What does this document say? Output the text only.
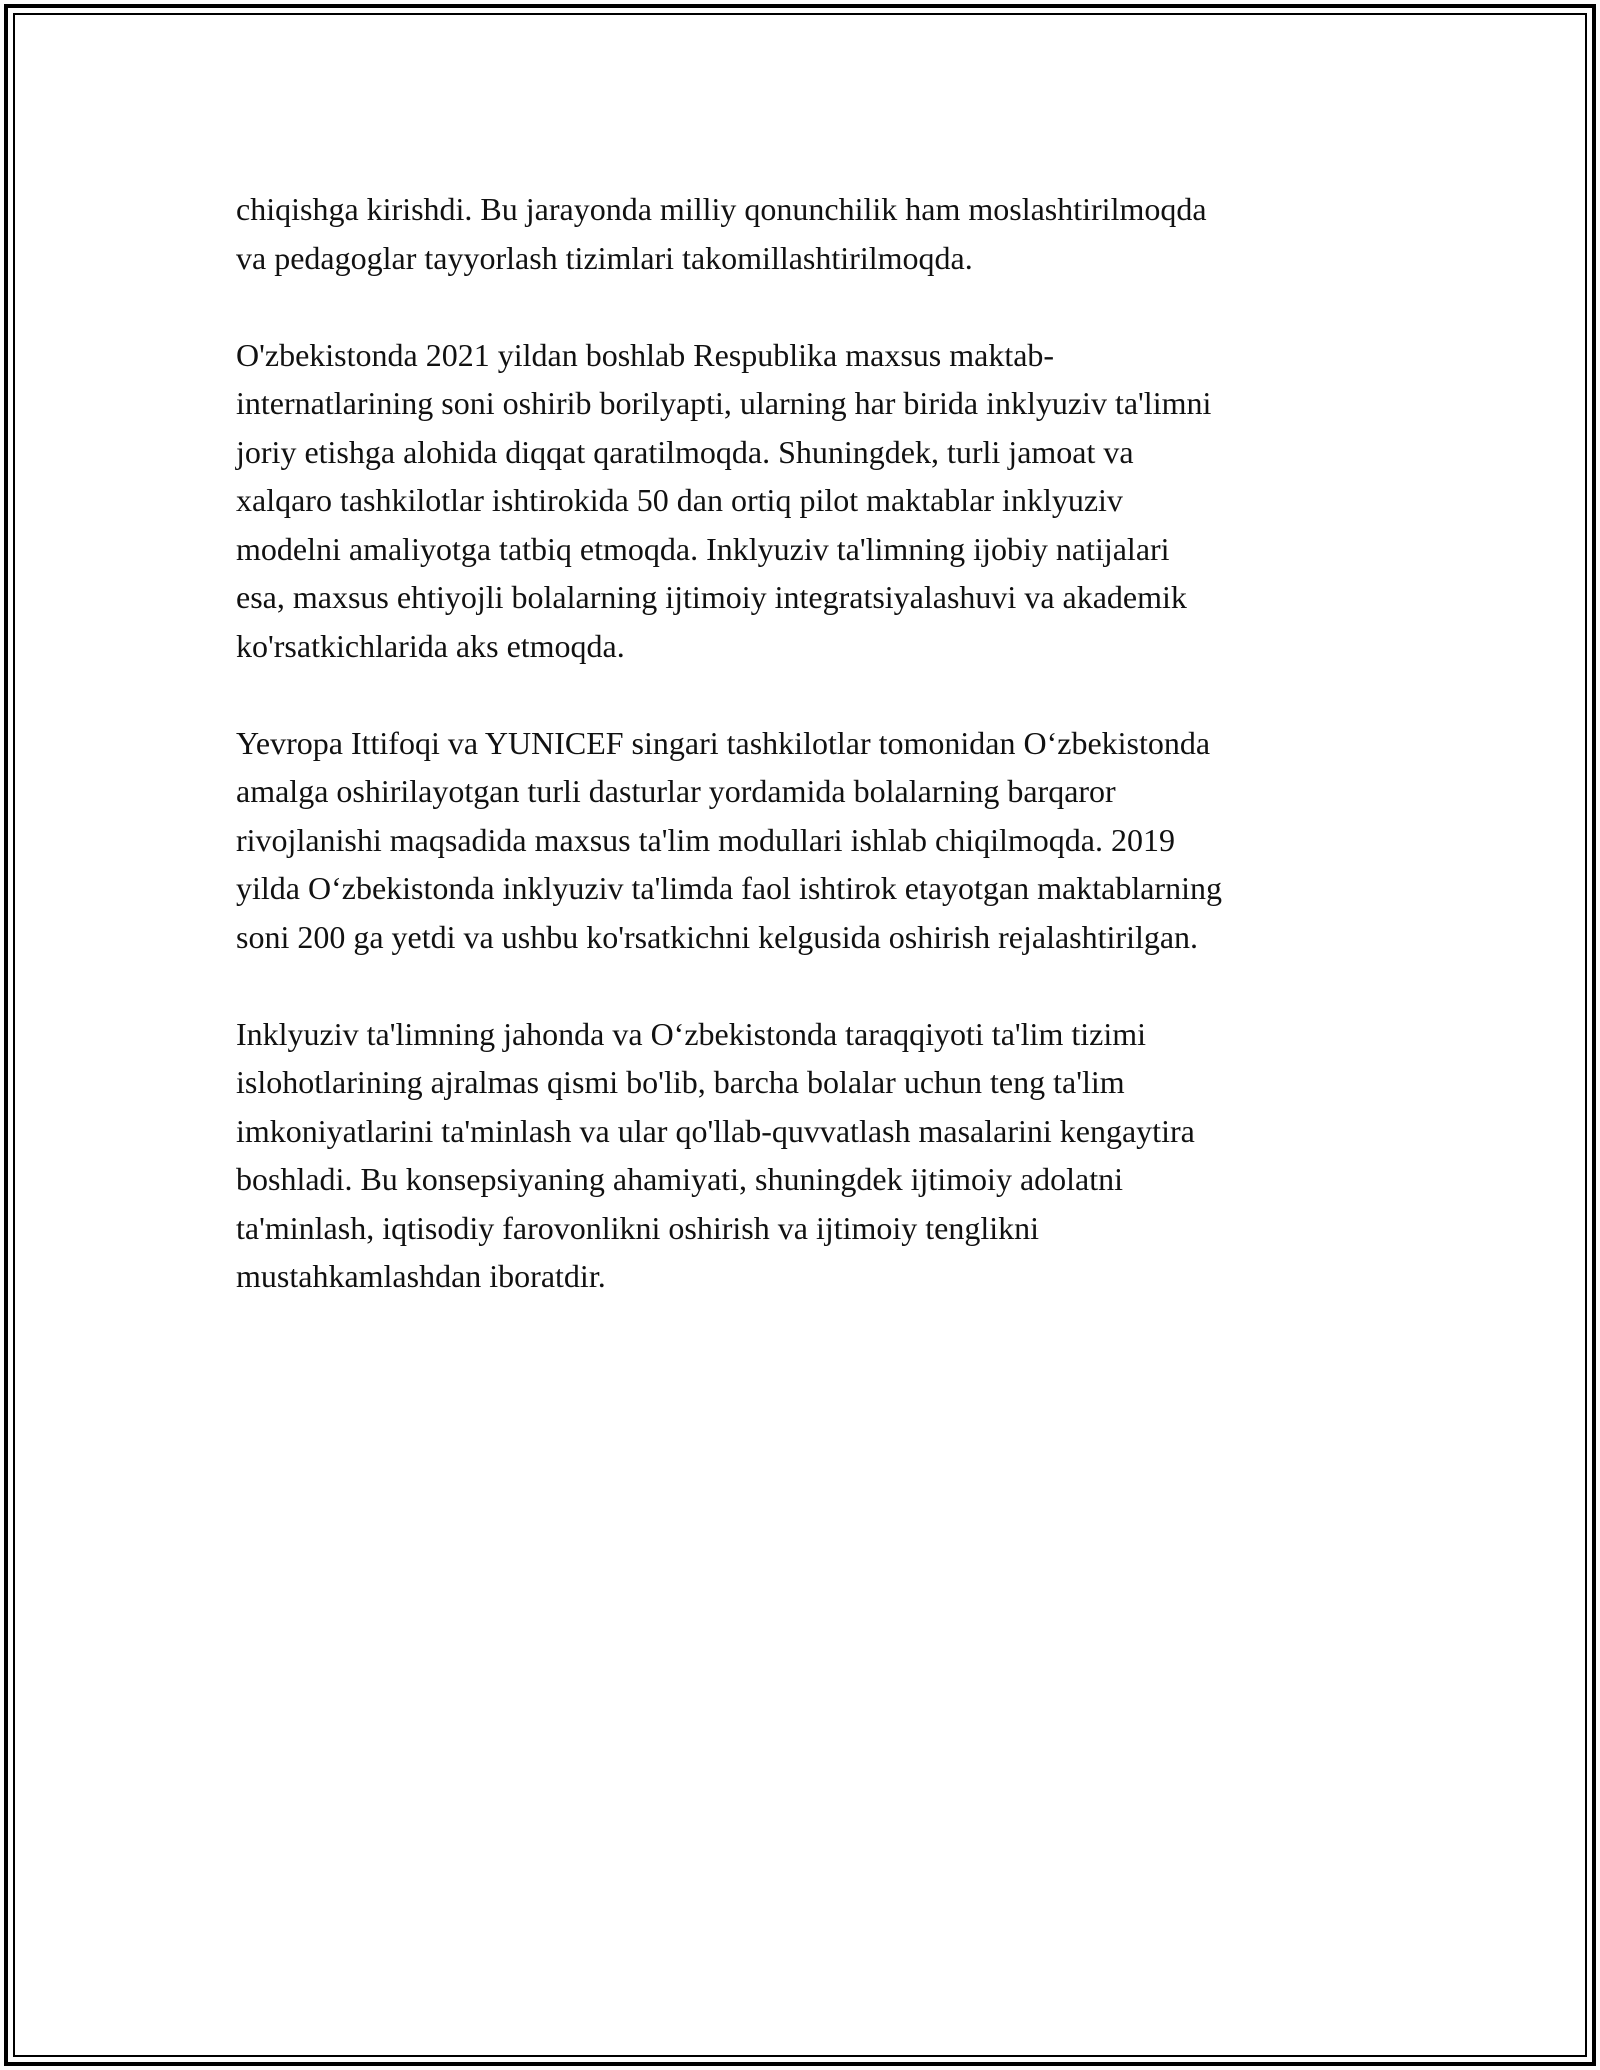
chiqishga kirishdi. Bu jarayonda milliy qonunchilik ham moslashtirilmoqda
va pedagoglar tayyorlash tizimlari takomillashtirilmoqda.

O'zbekistonda 2021 yildan boshlab Respublika maxsus maktab-
internatlarining soni oshirib borilyapti, ularning har birida inklyuziv ta'limni
joriy etishga alohida diqqat qaratilmoqda. Shuningdek, turli jamoat va
xalqaro tashkilotlar ishtirokida 50 dan ortiq pilot maktablar inklyuziv
modelni amaliyotga tatbiq etmoqda. Inklyuziv ta'limning ijobiy natijalari
esa, maxsus ehtiyojli bolalarning ijtimoiy integratsiyalashuvi va akademik
ko'rsatkichlarida aks etmoqda.

Yevropa Ittifoqi va YUNICEF singari tashkilotlar tomonidan O‘zbekistonda
amalga oshirilayotgan turli dasturlar yordamida bolalarning barqaror
rivojlanishi maqsadida maxsus ta'lim modullari ishlab chiqilmoqda. 2019
yilda O‘zbekistonda inklyuziv ta'limda faol ishtirok etayotgan maktablarning
soni 200 ga yetdi va ushbu ko'rsatkichni kelgusida oshirish rejalashtirilgan.

Inklyuziv ta'limning jahonda va O‘zbekistonda taraqqiyoti ta'lim tizimi
islohotlarining ajralmas qismi bo'lib, barcha bolalar uchun teng ta'lim
imkoniyatlarini ta'minlash va ular qo'llab-quvvatlash masalarini kengaytira
boshladi. Bu konsepsiyaning ahamiyati, shuningdek ijtimoiy adolatni
ta'minlash, iqtisodiy farovonlikni oshirish va ijtimoiy tenglikni
mustahkamlashdan iboratdir.
